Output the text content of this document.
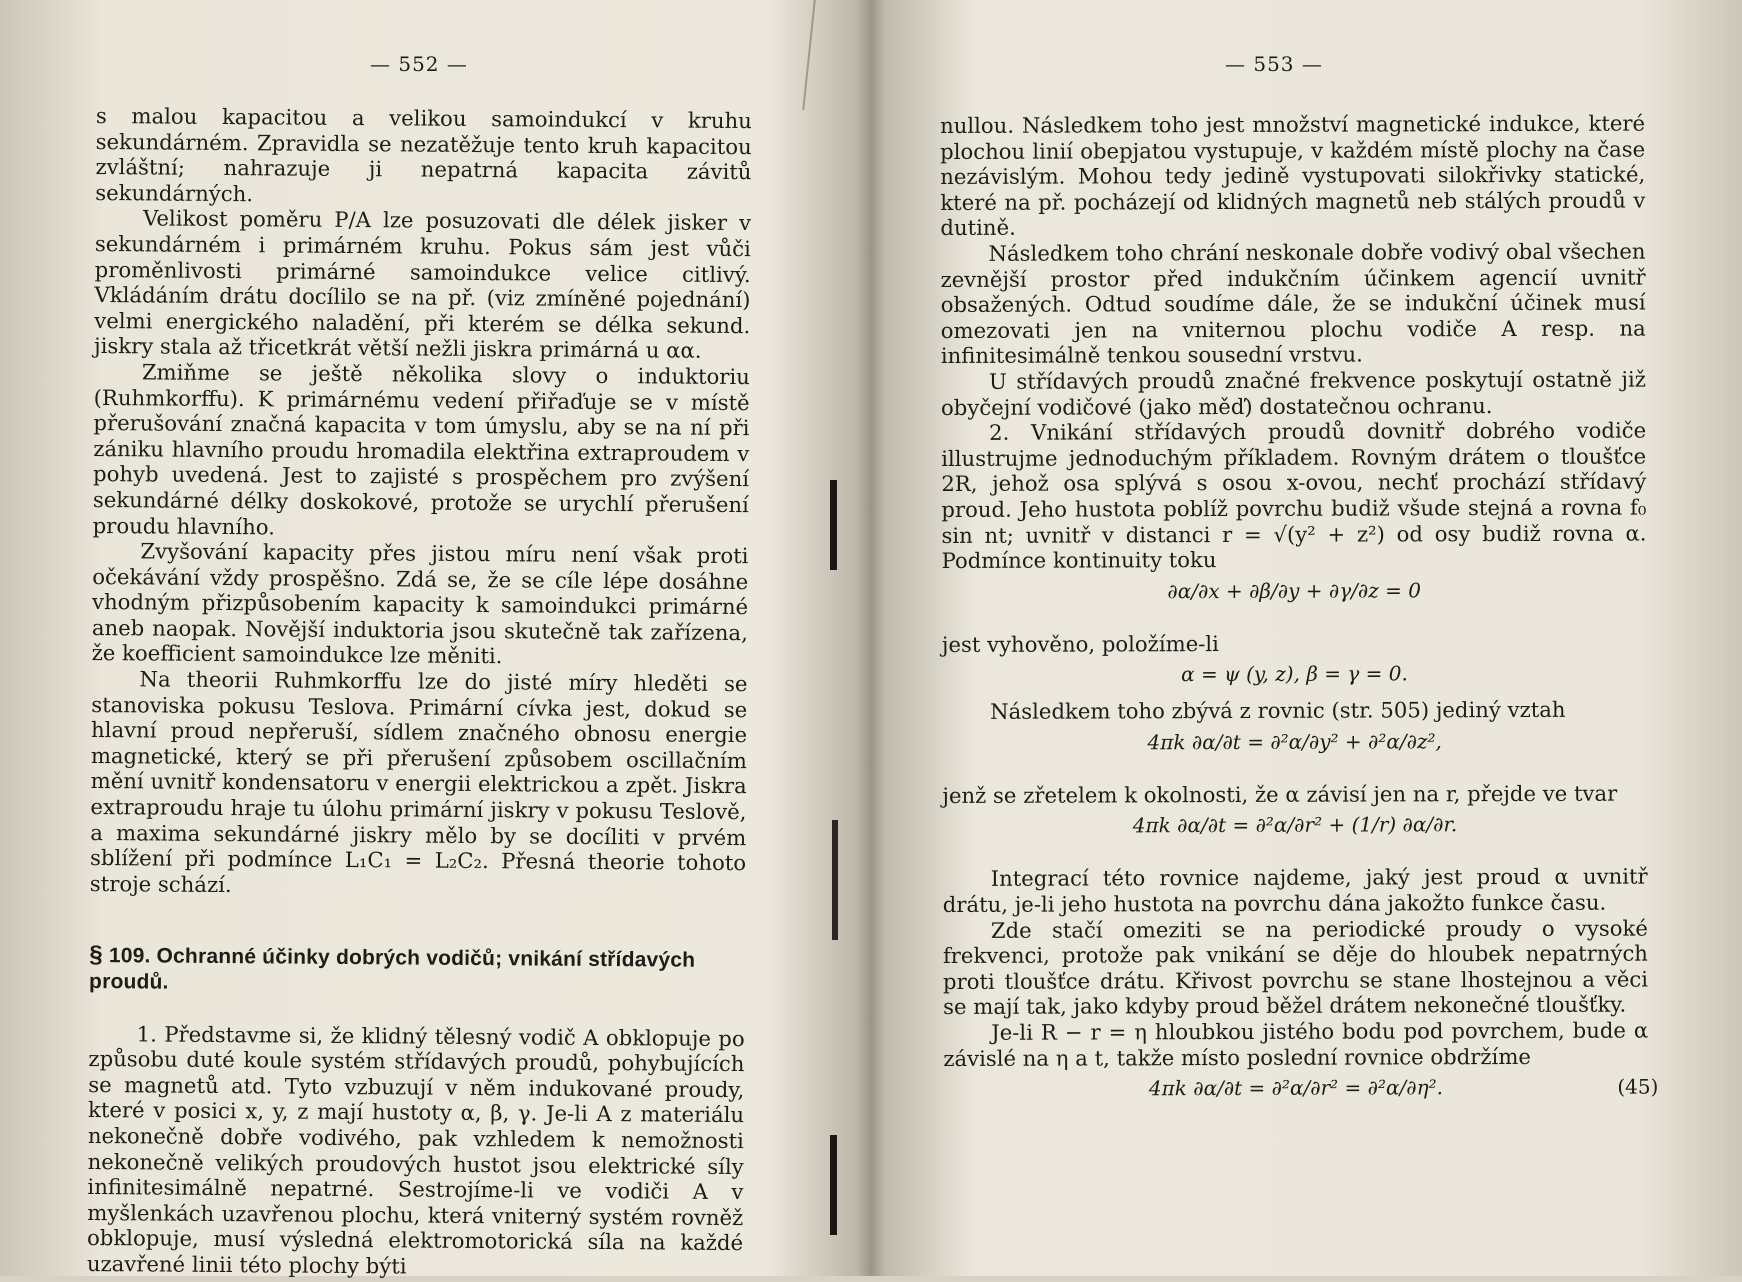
— 552 —

s malou kapacitou a velikou samoindukcí v kruhu sekundárném. Zpravidla se nezatěžuje tento kruh kapacitou zvláštní; nahrazuje ji nepatrná kapacita závitů sekundárných.

Velikost poměru P/A lze posuzovati dle délek jisker v sekundárném i primárném kruhu. Pokus sám jest vůči proměnlivosti primárné samoindukce velice citlivý. Vkládáním drátu docílilo se na př. (viz zmíněné pojednání) velmi energického naladění, při kterém se délka sekund. jiskry stala až třicetkrát větší nežli jiskra primárná u αα.

Zmiňme se ještě několika slovy o induktoriu (Ruhmkorffu). K primárnému vedení přiřaďuje se v místě přerušování značná kapacita v tom úmyslu, aby se na ní při zániku hlavního proudu hromadila elektřina extraproudem v pohyb uvedená. Jest to zajisté s prospěchem pro zvýšení sekundárné délky doskokové, protože se urychlí přerušení proudu hlavního.

Zvyšování kapacity přes jistou míru není však proti očekávání vždy prospěšno. Zdá se, že se cíle lépe dosáhne vhodným přizpůsobením kapacity k samoindukci primárné aneb naopak. Novější induktoria jsou skutečně tak zařízena, že koefficient samoindukce lze měniti.

Na theorii Ruhmkorffu lze do jisté míry hleděti se stanoviska pokusu Teslova. Primární cívka jest, dokud se hlavní proud nepřeruší, sídlem značného obnosu energie magnetické, který se při přerušení způsobem oscillačním mění uvnitř kondensatoru v energii elektrickou a zpět. Jiskra extraproudu hraje tu úlohu primární jiskry v pokusu Teslově, a maxima sekundárné jiskry mělo by se docíliti v prvém sblížení při podmínce L₁C₁ = L₂C₂. Přesná theorie tohoto stroje schází.

§ 109. Ochranné účinky dobrých vodičů; vnikání střídavých proudů.

1. Představme si, že klidný tělesný vodič A obklopuje po způsobu duté koule systém střídavých proudů, pohybujících se magnetů atd. Tyto vzbuzují v něm indukované proudy, které v posici x, y, z mají hustoty α, β, γ. Je-li A z materiálu nekonečně dobře vodivého, pak vzhledem k nemožnosti nekonečně velikých proudových hustot jsou elektrické síly infinitesimálně nepatrné. Sestrojíme-li ve vodiči A v myšlenkách uzavřenou plochu, která vniterný systém rovněž obklopuje, musí výsledná elektromotorická síla na každé uzavřené linii této plochy býti

— 553 —

nullou. Následkem toho jest množství magnetické indukce, které plochou linií obepjatou vystupuje, v každém místě plochy na čase nezávislým. Mohou tedy jedině vystupovati silokřivky statické, které na př. pocházejí od klidných magnetů neb stálých proudů v dutině.

Následkem toho chrání neskonale dobře vodivý obal všechen zevnější prostor před indukčním účinkem agencií uvnitř obsažených. Odtud soudíme dále, že se indukční účinek musí omezovati jen na vniternou plochu vodiče A resp. na infinitesimálně tenkou sousední vrstvu.

U střídavých proudů značné frekvence poskytují ostatně již obyčejní vodičové (jako měď) dostatečnou ochranu.

2. Vnikání střídavých proudů dovnitř dobrého vodiče illustrujme jednoduchým příkladem. Rovným drátem o tloušťce 2R, jehož osa splývá s osou x-ovou, nechť prochází střídavý proud. Jeho hustota poblíž povrchu budiž všude stejná a rovna f₀ sin nt; uvnitř v distanci r = √(y² + z²) od osy budiž rovna α. Podmínce kontinuity toku

∂α/∂x + ∂β/∂y + ∂γ/∂z = 0

jest vyhověno, položíme-li

α = ψ (y, z), β = γ = 0.

Následkem toho zbývá z rovnic (str. 505) jediný vztah

4πk ∂α/∂t = ∂²α/∂y² + ∂²α/∂z²,

jenž se zřetelem k okolnosti, že α závisí jen na r, přejde ve tvar

4πk ∂α/∂t = ∂²α/∂r² + (1/r) ∂α/∂r.

Integrací této rovnice najdeme, jaký jest proud α uvnitř drátu, je-li jeho hustota na povrchu dána jakožto funkce času.

Zde stačí omeziti se na periodické proudy o vysoké frekvenci, protože pak vnikání se děje do hloubek nepatrných proti tloušťce drátu. Křivost povrchu se stane lhostejnou a věci se mají tak, jako kdyby proud běžel drátem nekonečné tloušťky.

Je-li R − r = η hloubkou jistého bodu pod povrchem, bude α závislé na η a t, takže místo poslední rovnice obdržíme

4πk ∂α/∂t = ∂²α/∂r² = ∂²α/∂η².	(45)
